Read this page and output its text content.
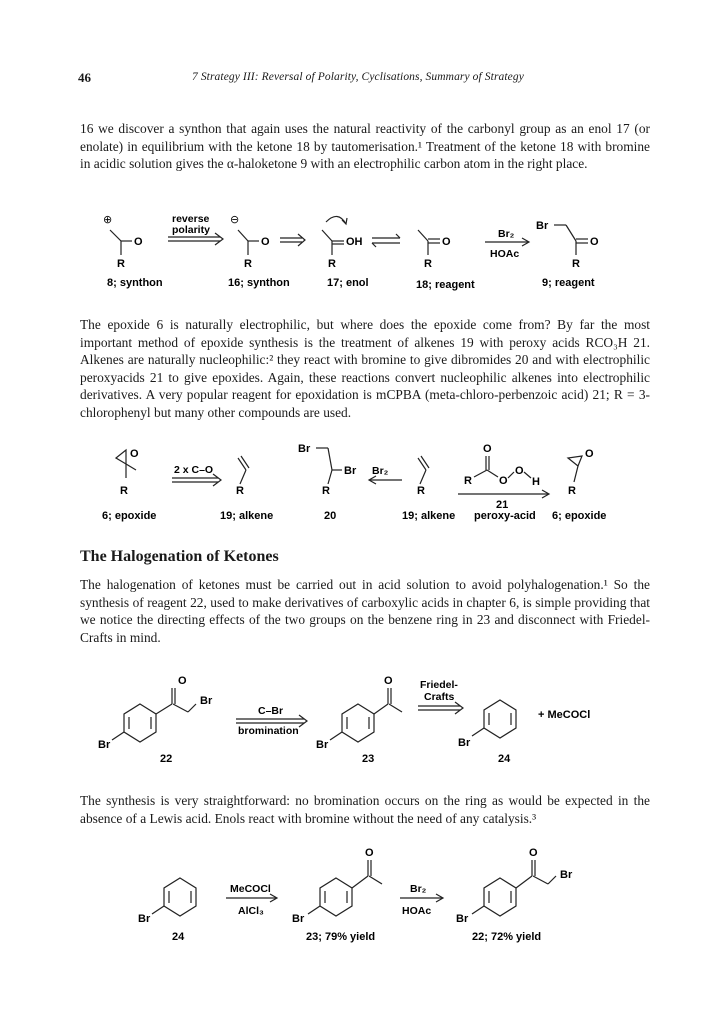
46	7 Strategy III: Reversal of Polarity, Cyclisations, Summary of Strategy
16 we discover a synthon that again uses the natural reactivity of the carbonyl group as an enol 17 (or enolate) in equilibrium with the ketone 18 by tautomerisation.¹ Treatment of the ketone 18 with bromine in acidic solution gives the α-haloketone 9 with an electrophilic carbon atom in the right place.
⊕
O
R
reverse
polarity
⊖
O
R
OH
R
O
R
Br₂
HOAc
Br
O
R
8; synthon	16; synthon	17; enol	18; reagent	9; reagent
The epoxide 6 is naturally electrophilic, but where does the epoxide come from? By far the most important method of epoxide synthesis is the treatment of alkenes 19 with peroxy acids RCO₃H 21. Alkenes are naturally nucleophilic:² they react with bromine to give dibromides 20 and with electrophilic peroxyacids 21 to give epoxides. Again, these reactions convert nucleophilic alkenes into electrophilic derivatives. A very popular reagent for epoxidation is mCPBA (meta-chloro-perbenzoic acid) 21; R = 3-chlorophenyl but many other compounds are used.
O
R
2 x C–O
R
Br
Br
R
Br₂
R
O
R O
O
H
21
O
R
6; epoxide	19; alkene	20	19; alkene peroxy-acid 6; epoxide
The Halogenation of Ketones
The halogenation of ketones must be carried out in acid solution to avoid polyhalogenation.¹ So the synthesis of reagent 22, used to make derivatives of carboxylic acids in chapter 6, is simple providing that we notice the directing effects of the two groups on the benzene ring in 23 and disconnect with Friedel-Crafts in mind.
O
Br
Br
22
C–Br
bromination
O
Br
23
Friedel-
Crafts
Br
24
+ MeCOCl
The synthesis is very straightforward: no bromination occurs on the ring as would be expected in the absence of a Lewis acid. Enols react with bromine without the need of any catalysis.³
Br
24
MeCOCl
AlCl₃
O
Br
23; 79% yield
Br₂
HOAc
O
Br
Br
22; 72% yield
